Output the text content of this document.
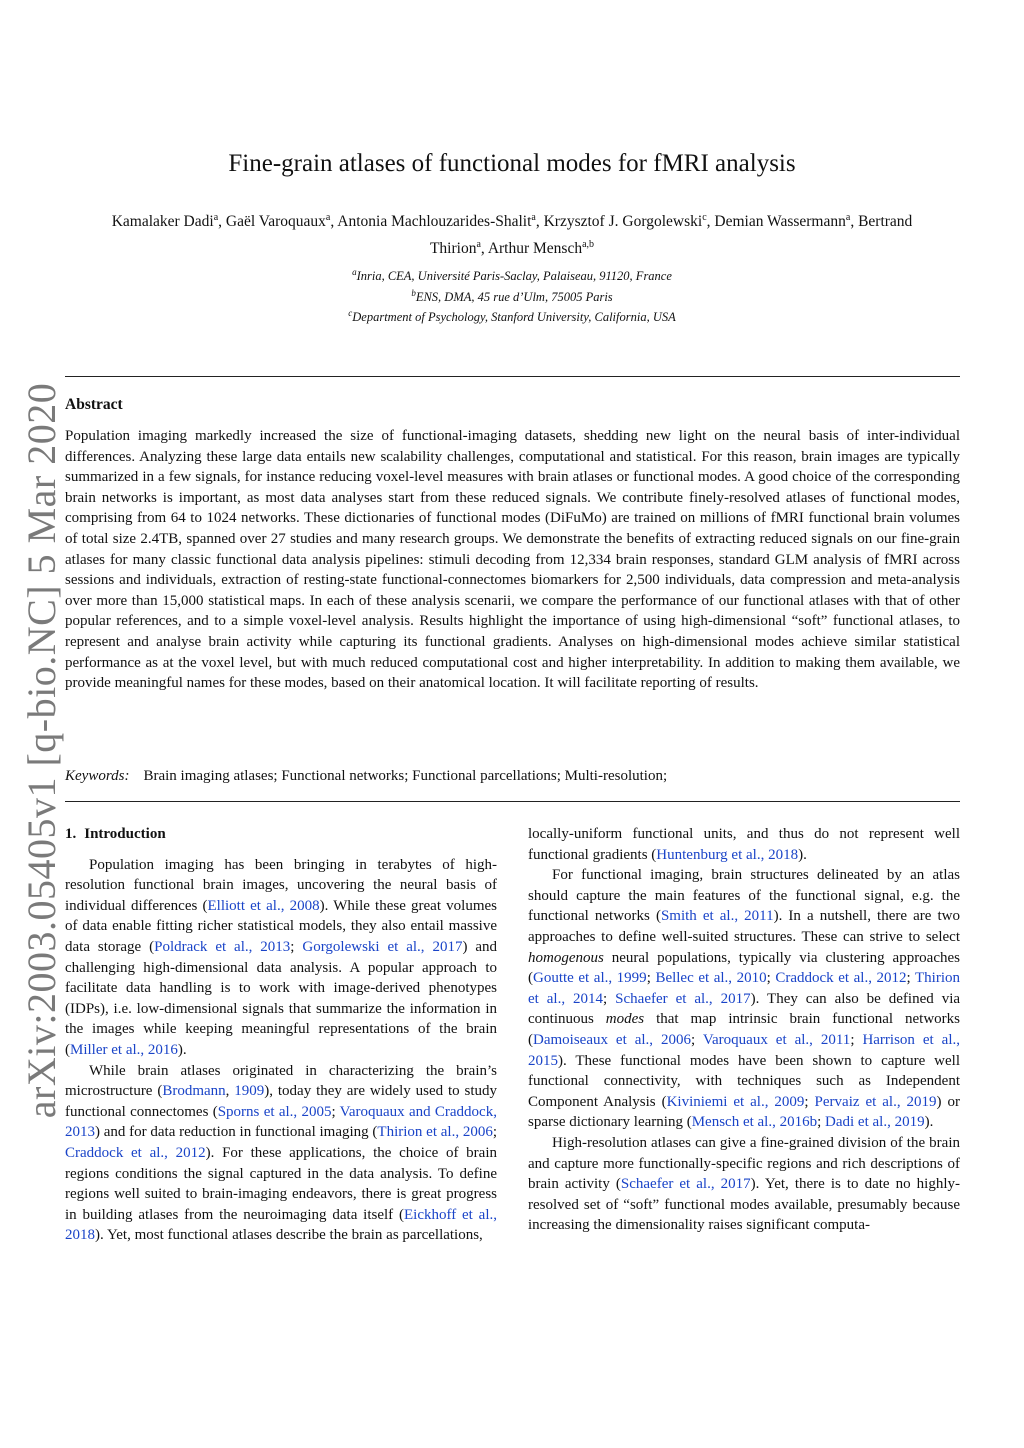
arXiv:2003.05405v1 [q-bio.NC] 5 Mar 2020
Fine-grain atlases of functional modes for fMRI analysis
Kamalaker Dadi$^a$, Gaël Varoquaux$^a$, Antonia Machlouzarides-Shalit$^a$, Krzysztof J. Gorgolewski$^c$, Demian Wassermann$^a$, Bertrand Thirion$^a$, Arthur Mensch$^{a,b}$
$^a$Inria, CEA, Université Paris-Saclay, Palaiseau, 91120, France
$^b$ENS, DMA, 45 rue d’Ulm, 75005 Paris
$^c$Department of Psychology, Stanford University, California, USA
Abstract
Population imaging markedly increased the size of functional-imaging datasets, shedding new light on the neural basis of inter-individual differences. Analyzing these large data entails new scalability challenges, computational and statistical. For this reason, brain images are typically summarized in a few signals, for instance reducing voxel-level measures with brain atlases or functional modes. A good choice of the corresponding brain networks is important, as most data analyses start from these reduced signals. We contribute finely-resolved atlases of functional modes, comprising from 64 to 1024 networks. These dictionaries of functional modes (DiFuMo) are trained on millions of fMRI functional brain volumes of total size 2.4TB, spanned over 27 studies and many research groups. We demonstrate the benefits of extracting reduced signals on our fine-grain atlases for many classic functional data analysis pipelines: stimuli decoding from 12,334 brain responses, standard GLM analysis of fMRI across sessions and individuals, extraction of resting-state functional-connectomes biomarkers for 2,500 individuals, data compression and meta-analysis over more than 15,000 statistical maps. In each of these analysis scenarii, we compare the performance of our functional atlases with that of other popular references, and to a simple voxel-level analysis. Results highlight the importance of using high-dimensional “soft” functional atlases, to represent and analyse brain activity while capturing its functional gradients. Analyses on high-dimensional modes achieve similar statistical performance as at the voxel level, but with much reduced computational cost and higher interpretability. In addition to making them available, we provide meaningful names for these modes, based on their anatomical location. It will facilitate reporting of results.
Keywords: Brain imaging atlases; Functional networks; Functional parcellations; Multi-resolution;
1. Introduction

Population imaging has been bringing in terabytes of high-resolution functional brain images, uncovering the neural basis of individual differences (Elliott et al., 2008). While these great volumes of data enable fitting richer statistical models, they also entail massive data storage (Poldrack et al., 2013; Gorgolewski et al., 2017) and challenging high-dimensional data analysis. A popular approach to facilitate data handling is to work with image-derived phenotypes (IDPs), i.e. low-dimensional signals that summarize the information in the images while keeping meaningful representations of the brain (Miller et al., 2016).

While brain atlases originated in characterizing the brain’s microstructure (Brodmann, 1909), today they are widely used to study functional connectomes (Sporns et al., 2005; Varoquaux and Craddock, 2013) and for data reduction in functional imaging (Thirion et al., 2006; Craddock et al., 2012). For these applications, the choice of brain regions conditions the signal captured in the data analysis. To define regions well suited to brain-imaging endeavors, there is great progress in building atlases from the neuroimaging data itself (Eickhoff et al., 2018). Yet, most functional atlases describe the brain as parcellations,

locally-uniform functional units, and thus do not represent well functional gradients (Huntenburg et al., 2018).

For functional imaging, brain structures delineated by an atlas should capture the main features of the functional signal, e.g. the functional networks (Smith et al., 2011). In a nutshell, there are two approaches to define well-suited structures. These can strive to select homogenous neural populations, typically via clustering approaches (Goutte et al., 1999; Bellec et al., 2010; Craddock et al., 2012; Thirion et al., 2014; Schaefer et al., 2017). They can also be defined via continuous modes that map intrinsic brain functional networks (Damoiseaux et al., 2006; Varoquaux et al., 2011; Harrison et al., 2015). These functional modes have been shown to capture well functional connectivity, with techniques such as Independent Component Analysis (Kiviniemi et al., 2009; Pervaiz et al., 2019) or sparse dictionary learning (Mensch et al., 2016b; Dadi et al., 2019).

High-resolution atlases can give a fine-grained division of the brain and capture more functionally-specific regions and rich descriptions of brain activity (Schaefer et al., 2017). Yet, there is to date no highly-resolved set of “soft” functional modes available, presumably because increasing the dimensionality raises significant computa-
